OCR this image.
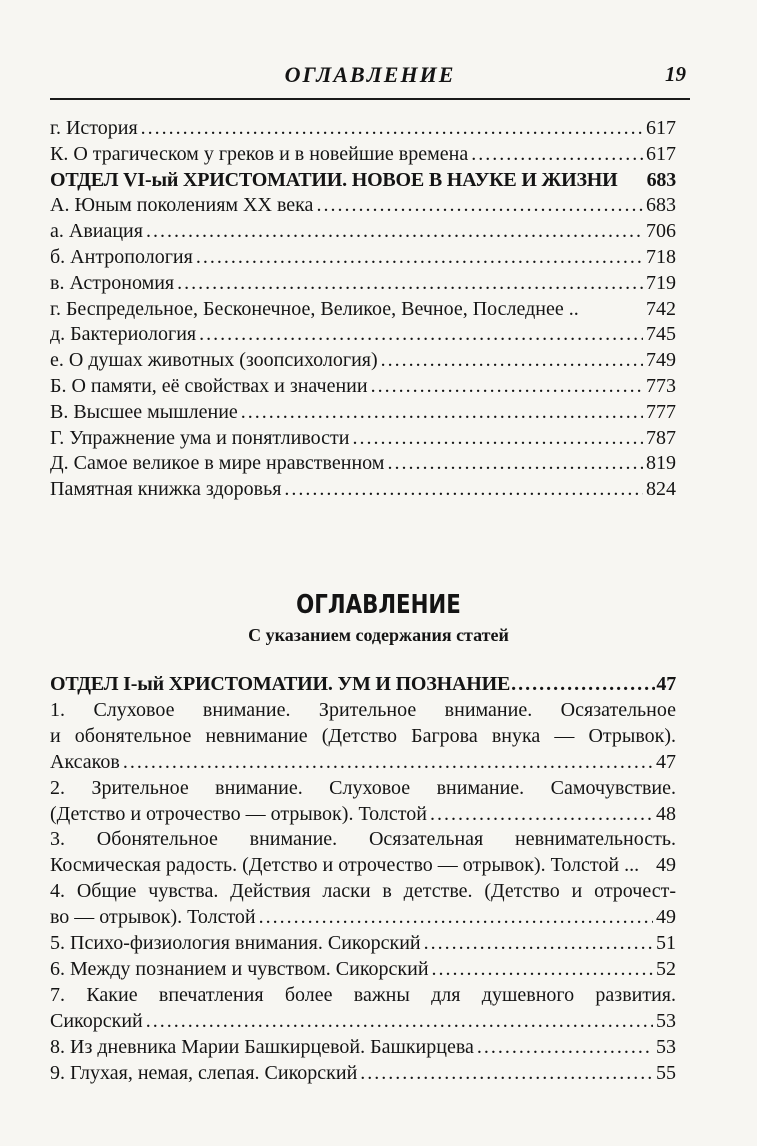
ОГЛАВЛЕНИЕ	19
г. История .....	617
К. О трагическом у греков и в новейшие времена .....	617
ОТДЕЛ VI-ый ХРИСТОМАТИИ. НОВОЕ В НАУКЕ И ЖИЗНИ	683
А. Юным поколениям XX века .....	683
а. Авиация .....	706
б. Антропология .....	718
в. Астрономия .....	719
г. Беспредельное, Бесконечное, Великое, Вечное, Последнее ..	742
д. Бактериология .....	745
е. О душах животных (зоопсихология) .....	749
Б. О памяти, её свойствах и значении .....	773
В. Высшее мышление .....	777
Г. Упражнение ума и понятливости .....	787
Д. Самое великое в мире нравственном .....	819
Памятная книжка здоровья .....	824
ОГЛАВЛЕНИЕ
С указанием содержания статей
ОТДЕЛ I-ый ХРИСТОМАТИИ. УМ И ПОЗНАНИЕ .....	47
1. Слуховое внимание. Зрительное внимание. Осязательное
и обонятельное невнимание (Детство Багрова внука — Отрывок).
Аксаков .....	47
2. Зрительное внимание. Слуховое внимание. Самочувствие.
(Детство и отрочество — отрывок). Толстой .....	48
3. Обонятельное внимание. Осязательная невнимательность.
Космическая радость. (Детство и отрочество — отрывок). Толстой ... 49
4. Общие чувства. Действия ласки в детстве. (Детство и отрочест-
во — отрывок). Толстой .....	49
5. Психо-физиология внимания. Сикорский .....	51
6. Между познанием и чувством. Сикорский .....	52
7. Какие впечатления более важны для душевного развития.
Сикорский .....	53
8. Из дневника Марии Башкирцевой. Башкирцева .....	53
9. Глухая, немая, слепая. Сикорский .....	55
